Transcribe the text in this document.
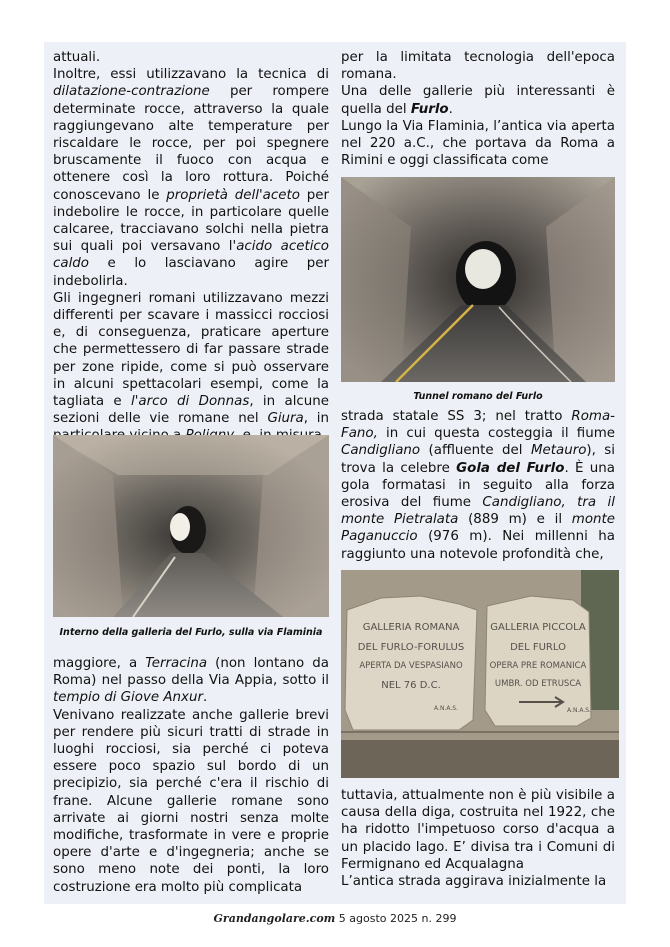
attuali.

Inoltre, essi utilizzavano la tecnica di dilatazione-contrazione per rompere determinate rocce, attraverso la quale raggiungevano alte temperature per riscaldare le rocce, per poi spegnere bruscamente il fuoco con acqua e ottenere così la loro rottura. Poiché conoscevano le proprietà dell'aceto per indebolire le rocce, in particolare quelle calcaree, tracciavano solchi nella pietra sui quali poi versavano l'acido acetico caldo e lo lasciavano agire per indebolirla.

Gli ingegneri romani utilizzavano mezzi differenti per scavare i massicci rocciosi e, di conseguenza, praticare aperture che permettessero di far passare strade per zone ripide, come si può osservare in alcuni spettacolari esempi, come la tagliata e l'arco di Donnas, in alcune sezioni delle vie romane nel Giura, in

Interno della galleria del Furlo, sulla via Flaminia

maggiore, a Terracina (non lontano da Roma) nel passo della Via Appia, sotto il tempio di Giove Anxur.

Venivano realizzate anche gallerie brevi per rendere più sicuri tratti di strade in luoghi rocciosi, sia perché ci poteva essere poco spazio sul bordo di un precipizio, sia perché c'era il rischio di frane. Alcune gallerie romane sono arrivate ai giorni nostri senza molte modifiche, trasformate in vere e proprie opere d'arte e d'ingegneria; anche se sono meno note dei ponti, la loro costruzione era molto più complicata

per la limitata tecnologia dell'epoca romana.

Una delle gallerie più interessanti è quella del Furlo.

Lungo la Via Flaminia, l’antica via aperta nel 220 a.C., che portava da Roma a Rimini e oggi classificata come

Tunnel romano del Furlo

strada statale SS 3; nel tratto Roma-Fano, in cui questa costeggia il fiume Candigliano (affluente del Metauro), si trova la celebre Gola del Furlo. È una gola formatasi in seguito alla forza erosiva del fiume Candigliano, tra il monte Pietralata (889 m) e il monte Paganuccio (976 m). Nei millenni ha raggiunto una notevole profondità che,

GALLERIA ROMANA
DEL FURLO-FORULUS
APERTA DA VESPASIANO
NEL 76 D.C.
A.N.A.S.
GALLERIA PICCOLA
DEL FURLO
OPERA PRE ROMANICA
UMBR. OD ETRUSCA
A.N.A.S.

tuttavia, attualmente non è più visibile a causa della diga, costruita nel 1922, che ha ridotto l'impetuoso corso d'acqua a un placido lago. E’ divisa tra i Comuni di Fermignano ed Acqualagna

L’antica strada aggirava inizialmente la

Grandangolare.com 5 agosto 2025 n. 299
